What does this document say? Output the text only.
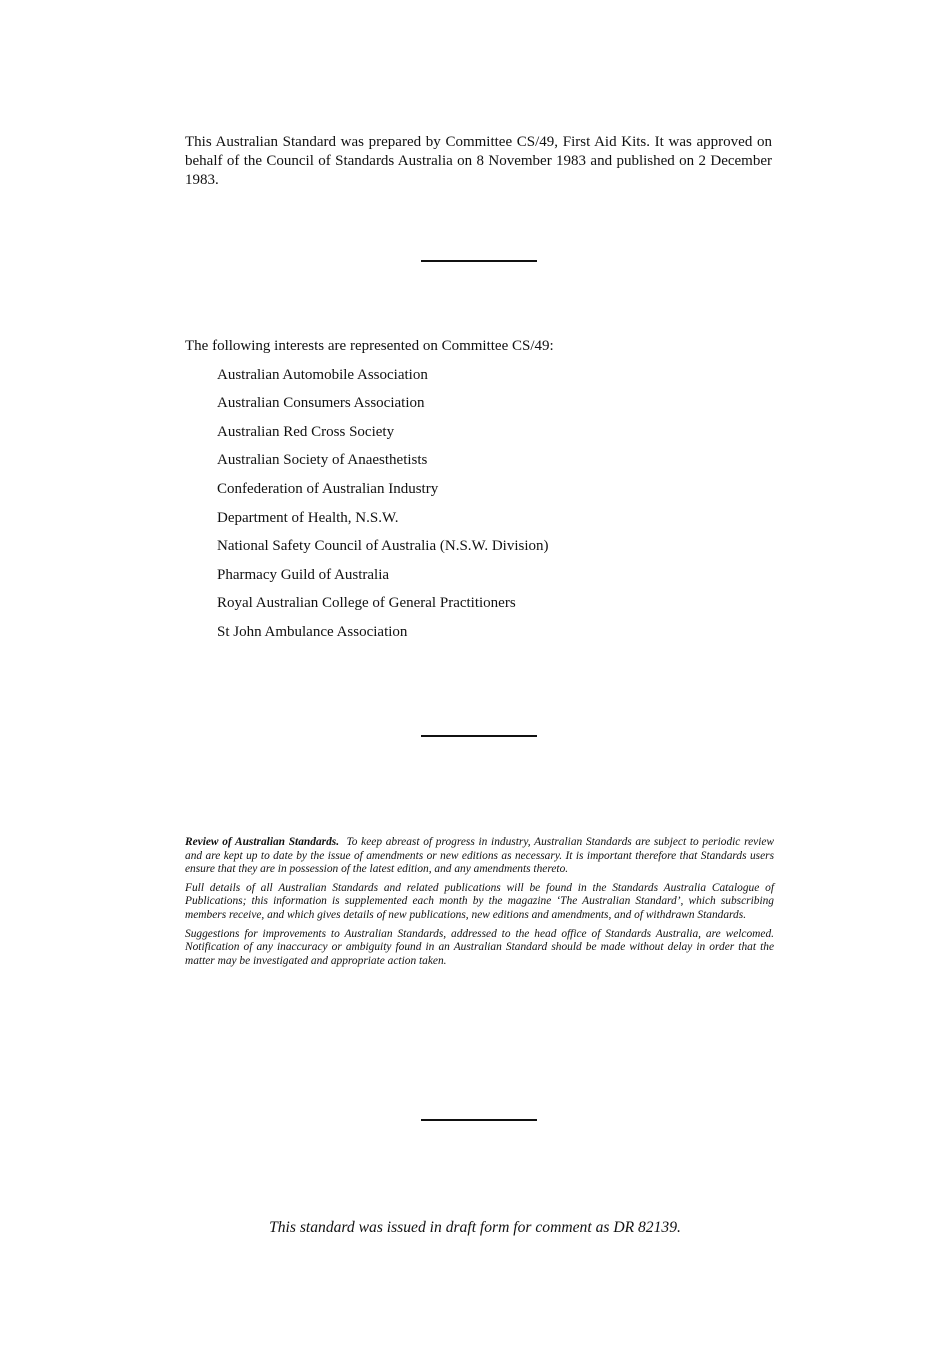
This Australian Standard was prepared by Committee CS/49, First Aid Kits. It was approved on behalf of the Council of Standards Australia on 8 November 1983 and published on 2 December 1983.

The following interests are represented on Committee CS/49:

Australian Automobile Association
Australian Consumers Association
Australian Red Cross Society
Australian Society of Anaesthetists
Confederation of Australian Industry
Department of Health, N.S.W.
National Safety Council of Australia (N.S.W. Division)
Pharmacy Guild of Australia
Royal Australian College of General Practitioners
St John Ambulance Association

Review of Australian Standards. To keep abreast of progress in industry, Australian Standards are subject to periodic review and are kept up to date by the issue of amendments or new editions as necessary. It is important therefore that Standards users ensure that they are in possession of the latest edition, and any amendments thereto.

Full details of all Australian Standards and related publications will be found in the Standards Australia Catalogue of Publications; this information is supplemented each month by the magazine ‘The Australian Standard’, which subscribing members receive, and which gives details of new publications, new editions and amendments, and of withdrawn Standards.

Suggestions for improvements to Australian Standards, addressed to the head office of Standards Australia, are welcomed. Notification of any inaccuracy or ambiguity found in an Australian Standard should be made without delay in order that the matter may be investigated and appropriate action taken.

This standard was issued in draft form for comment as DR 82139.
